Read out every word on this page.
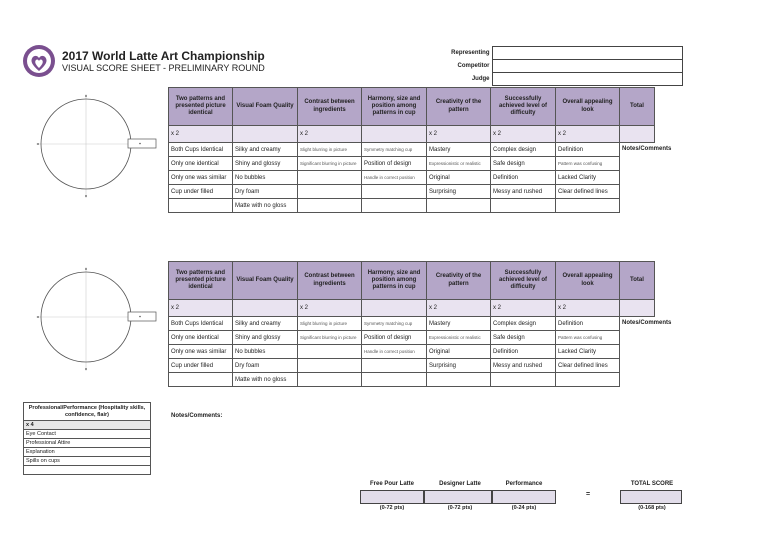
2017 World Latte Art Championship
VISUAL SCORE SHEET - PRELIMINARY ROUND
Representing	
Competitor	
Judge	
Two patterns and presented picture identical	Visual Foam Quality	Contrast between ingredients	Harmony, size and position among patterns in cup	Creativity of the pattern	Successfully achieved level of difficulty	Overall appealing look	Total
x 2		x 2		x 2	x 2	x 2	
Both Cups Identical	Silky and creamy	Slight blurring in picture	Symmetry matching cup	Mastery	Complex design	Definition	Notes/Comments
Only one identical	Shiny and glossy	Significant blurring in picture	Position of design	Expressionistic or realistic	Safe design	Pattern was confusing	
Only one was similar	No bubbles		Handle in correct position	Original	Definition	Lacked Clarity	
Cup under filled	Dry foam			Surprising	Messy and rushed	Clear defined lines	
	Matte with no gloss						
Two patterns and presented picture identical	Visual Foam Quality	Contrast between ingredients	Harmony, size and position among patterns in cup	Creativity of the pattern	Successfully achieved level of difficulty	Overall appealing look	Total
x 2		x 2		x 2	x 2	x 2	
Both Cups Identical	Silky and creamy	Slight blurring in picture	Symmetry matching cup	Mastery	Complex design	Definition	Notes/Comments
Only one identical	Shiny and glossy	Significant blurring in picture	Position of design	Expressionistic or realistic	Safe design	Pattern was confusing	
Only one was similar	No bubbles		Handle in correct position	Original	Definition	Lacked Clarity	
Cup under filled	Dry foam			Surprising	Messy and rushed	Clear defined lines	
	Matte with no gloss						
Professional/Performance (Hospitality skills, confidence, flair)
x 4
Eye Contact
Professional Attire
Explanation
Spills on cups

Notes/Comments:
Free Pour Latte
(0-72 pts)
Designer Latte
(0-72 pts)
Performance
(0-24 pts)
=
TOTAL SCORE
(0-168 pts)
